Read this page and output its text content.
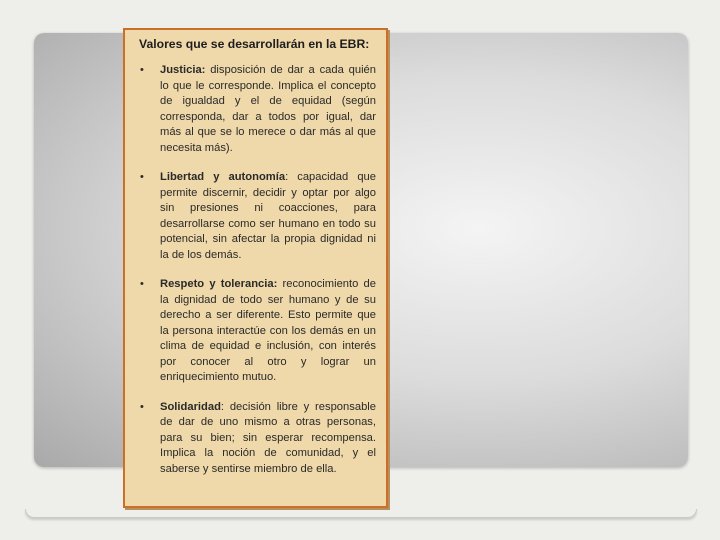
Valores que se desarrollarán en la EBR:
• Justicia: disposición de dar a cada quién lo que le corresponde. Implica el concepto de igualdad y el de equidad (según corresponda, dar a todos por igual, dar más al que se lo merece o dar más al que necesita más).
• Libertad y autonomía: capacidad que permite discernir, decidir y optar por algo sin presiones ni coacciones, para desarrollarse como ser humano en todo su potencial, sin afectar la propia dignidad ni la de los demás.
• Respeto y tolerancia: reconocimiento de la dignidad de todo ser humano y de su derecho a ser diferente. Esto permite que la persona interactúe con los demás en un clima de equidad e inclusión, con interés por conocer al otro y lograr un enriquecimiento mutuo.
• Solidaridad: decisión libre y responsable de dar de uno mismo a otras personas, para su bien; sin esperar recompensa. Implica la noción de comunidad, y el saberse y sentirse miembro de ella.
